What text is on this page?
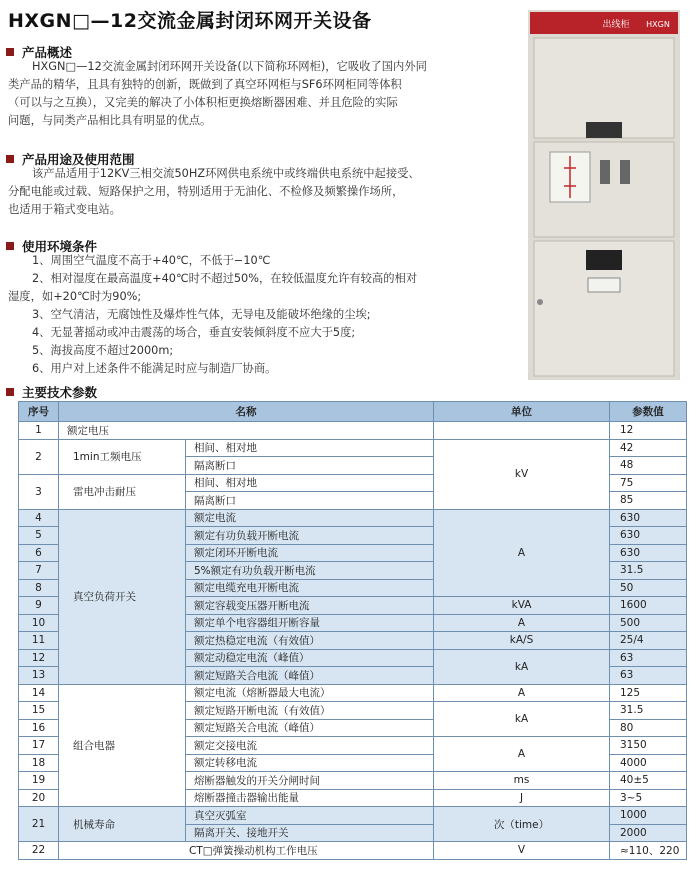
HXGN□—12交流金属封闭环网开关设备
产品概述

HXGN□—12交流金属封闭环网开关设备(以下简称环网柜)，它吸收了国内外同

类产品的精华，且具有独特的创新，既做到了真空环网柜与SF6环网柜同等体积

（可以与之互换），又完美的解决了小体积柜更换熔断器困难、并且危险的实际

问题，与同类产品相比具有明显的优点。

产品用途及使用范围

该产品适用于12KV三相交流50HZ环网供电系统中或终端供电系统中起接受、

分配电能或过载、短路保护之用，特别适用于无油化、不检修及频繁操作场所，

也适用于箱式变电站。

使用环境条件

1、周围空气温度不高于+40℃，不低于−10℃

2、相对湿度在最高温度+40℃时不超过50%，在较低温度允许有较高的相对

湿度，如+20℃时为90%;

3、空气清洁，无腐蚀性及爆炸性气体，无导电及能破坏绝缘的尘埃;

4、无显著摇动或冲击震荡的场合，垂直安装倾斜度不应大于5度;

5、海拔高度不超过2000m;

6、用户对上述条件不能满足时应与制造厂协商。

出线柜 HXGN
主要技术参数
序号	名称		单位	参数值
1	额定电压			12
2	1min工频电压	相间、相对地	kV	42
		隔离断口		48
3	雷电冲击耐压	相间、相对地		75
		隔离断口		85
4	真空负荷开关	额定电流	A	630
5		额定有功负载开断电流		630
6		额定闭环开断电流		630
7		5%额定有功负载开断电流		31.5
8		额定电缆充电开断电流		50
9		额定容载变压器开断电流	kVA	1600
10		额定单个电容器组开断容量	A	500
11		额定热稳定电流（有效值）	kA/S	25/4
12		额定动稳定电流（峰值）	kA	63
13		额定短路关合电流（峰值）		63
14	组合电器	额定电流（熔断器最大电流）	A	125
15		额定短路开断电流（有效值）	kA	31.5
16		额定短路关合电流（峰值）		80
17		额定交接电流	A	3150
18		额定转移电流		4000
19		熔断器触发的开关分闸时间	ms	40±5
20		熔断器撞击器输出能量	J	3~5
21	机械寿命	真空灭弧室	次（time）	1000
		隔离开关、接地开关		2000
22	CT□弹簧操动机构工作电压		V	≈110、220
